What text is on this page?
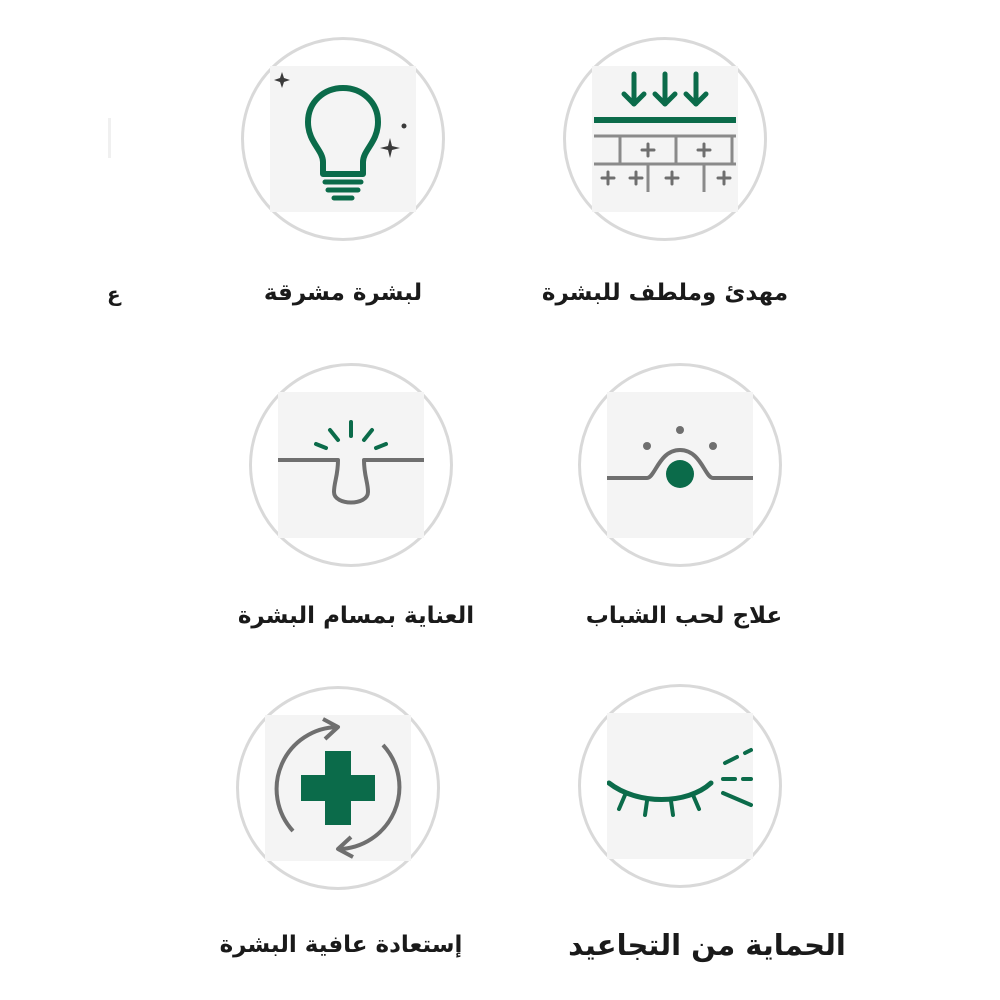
لبشرة مشرقة	مهدئ وملطف للبشرة
ع
العناية بمسام البشرة	علاج لحب الشباب
إستعادة عافية البشرة	الحماية من التجاعيد
